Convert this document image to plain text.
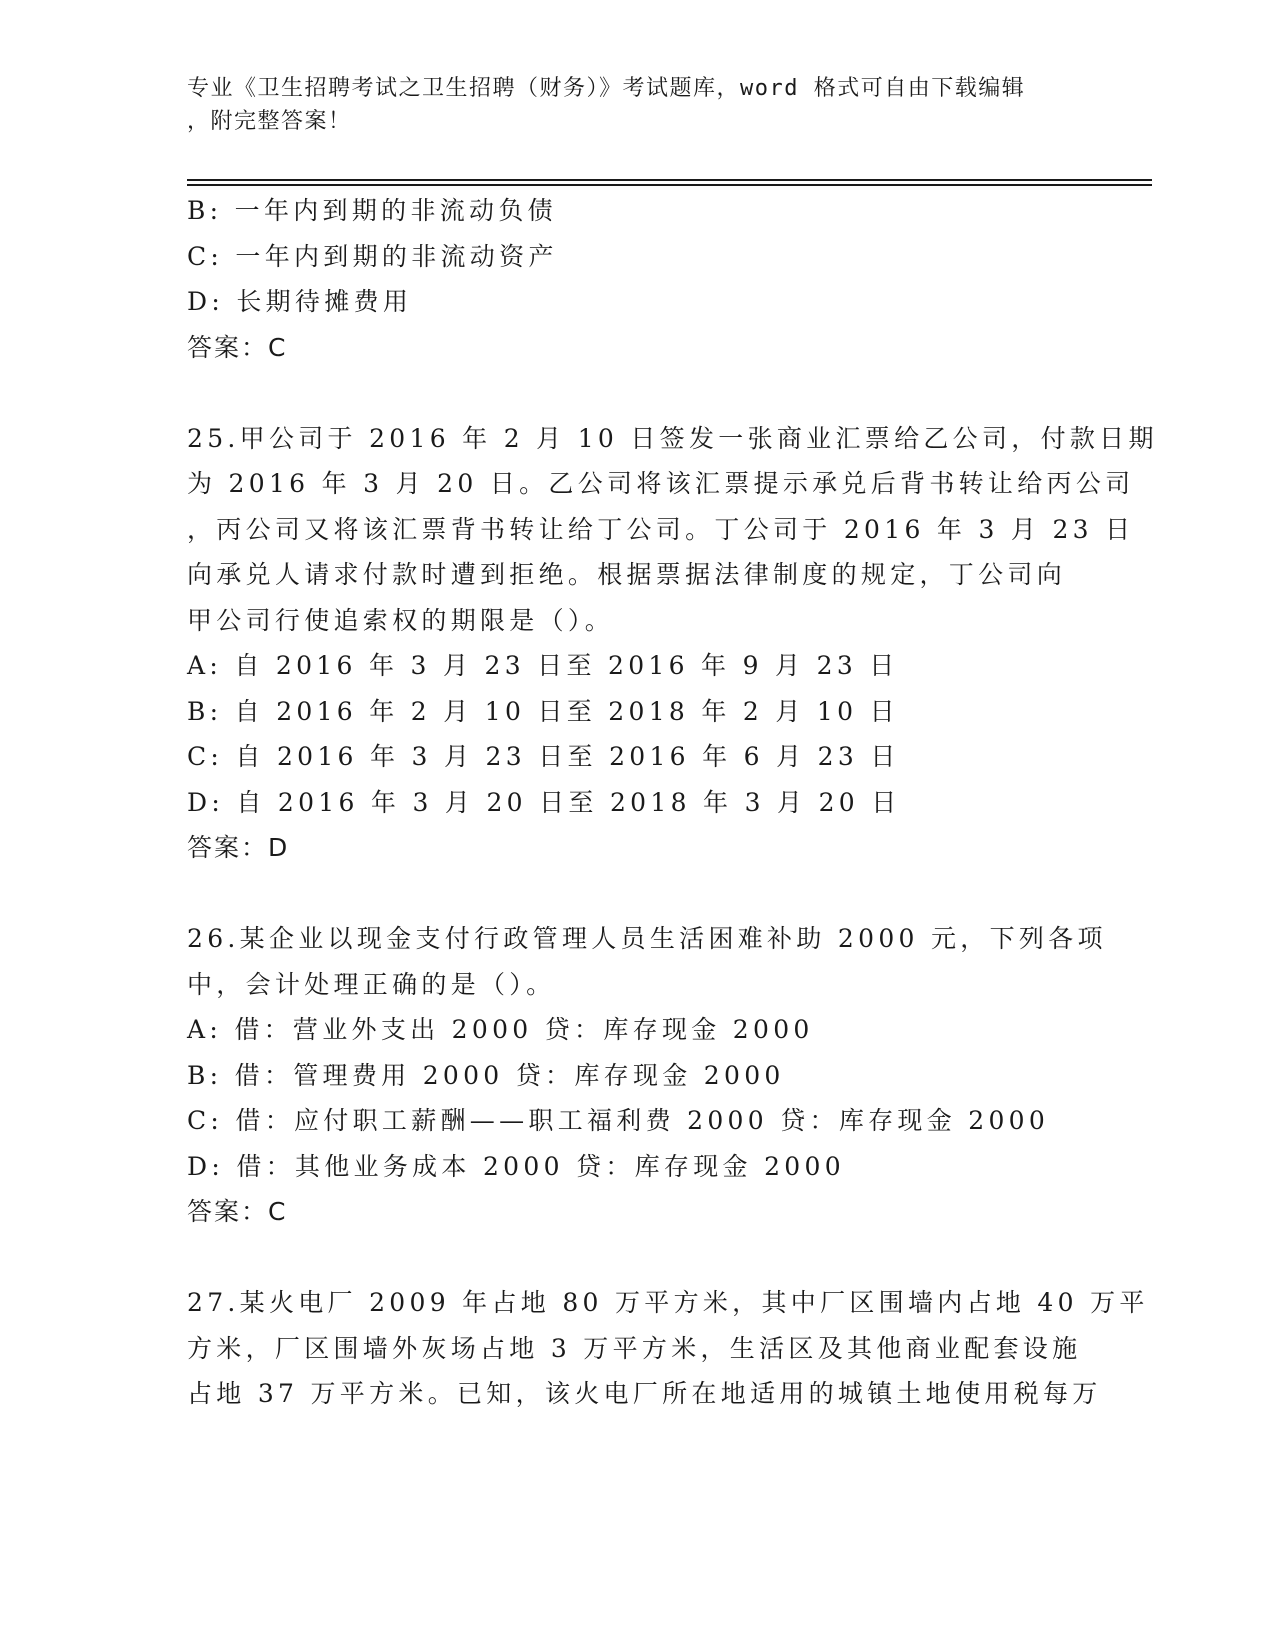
专业《卫生招聘考试之卫生招聘（财务）》考试题库，word 格式可自由下载编辑
，附完整答案！
B: 一年内到期的非流动负债
C: 一年内到期的非流动资产
D: 长期待摊费用
答案：C
25.甲公司于 2016 年 2 月 10 日签发一张商业汇票给乙公司，付款日期
为 2016 年 3 月 20 日。乙公司将该汇票提示承兑后背书转让给丙公司
，丙公司又将该汇票背书转让给丁公司。丁公司于 2016 年 3 月 23 日
向承兑人请求付款时遭到拒绝。根据票据法律制度的规定，丁公司向
甲公司行使追索权的期限是（）。
A: 自 2016 年 3 月 23 日至 2016 年 9 月 23 日
B: 自 2016 年 2 月 10 日至 2018 年 2 月 10 日
C: 自 2016 年 3 月 23 日至 2016 年 6 月 23 日
D: 自 2016 年 3 月 20 日至 2018 年 3 月 20 日
答案：D
26.某企业以现金支付行政管理人员生活困难补助 2000 元，下列各项
中，会计处理正确的是（）。
A: 借：营业外支出 2000 贷：库存现金 2000
B: 借：管理费用 2000 贷：库存现金 2000
C: 借：应付职工薪酬——职工福利费 2000 贷：库存现金 2000
D: 借：其他业务成本 2000 贷：库存现金 2000
答案：C
27.某火电厂 2009 年占地 80 万平方米，其中厂区围墙内占地 40 万平
方米，厂区围墙外灰场占地 3 万平方米，生活区及其他商业配套设施
占地 37 万平方米。已知，该火电厂所在地适用的城镇土地使用税每万
